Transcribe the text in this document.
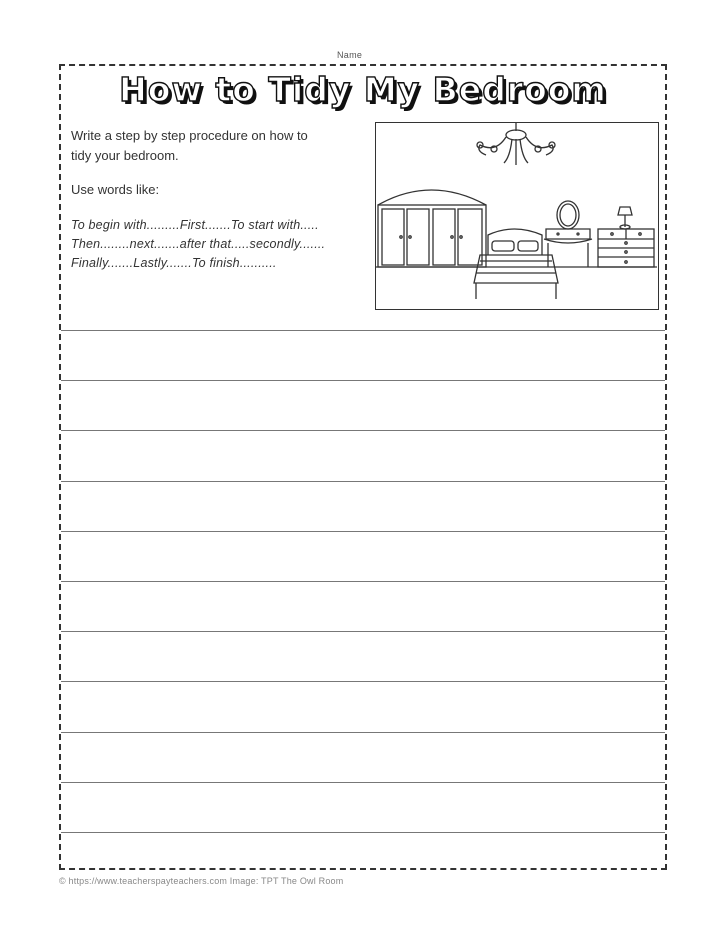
Name
How to Tidy My Bedroom

Write a step by step procedure on how to

tidy your bedroom.

Use words like:

To begin with.........First.......To start with.....

Then........next.......after that.....secondly.......

Finally.......Lastly.......To finish..........

© https://www.teacherspayteachers.com Image: TPT The Owl Room
